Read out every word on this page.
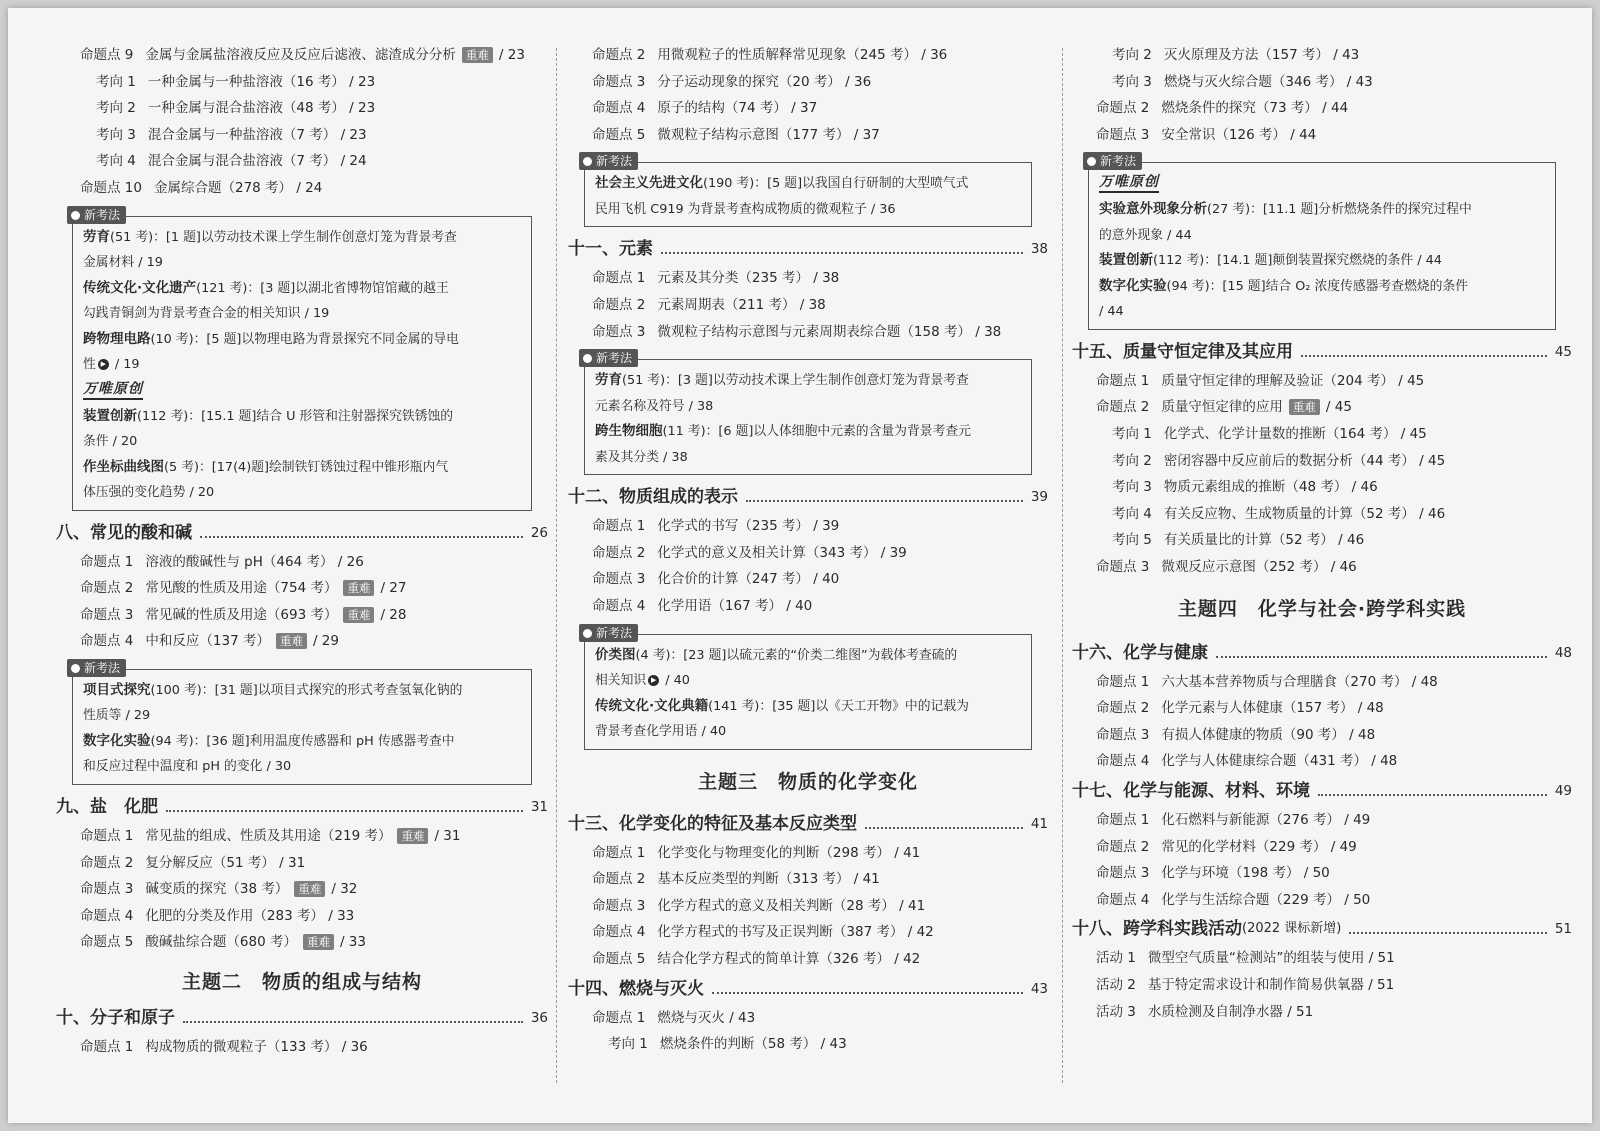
命题点 9 金属与金属盐溶液反应及反应后滤液、滤渣成分分析 重难 / 23
考向 1 一种金属与一种盐溶液（16 考） / 23
考向 2 一种金属与混合盐溶液（48 考） / 23
考向 3 混合金属与一种盐溶液（7 考） / 23
考向 4 混合金属与混合盐溶液（7 考） / 24
命题点 10 金属综合题（278 考） / 24
新考法
劳育(51 考)：[1 题]以劳动技术课上学生制作创意灯笼为背景考查
金属材料 / 19
传统文化·文化遗产(121 考)：[3 题]以湖北省博物馆馆藏的越王
勾践青铜剑为背景考查合金的相关知识 / 19
跨物理电路(10 考)：[5 题]以物理电路为背景探究不同金属的导电
性 ▶ / 19
万唯原创
装置创新(112 考)：[15.1 题]结合 U 形管和注射器探究铁锈蚀的
条件 / 20
作坐标曲线图(5 考)：[17(4)题]绘制铁钉锈蚀过程中锥形瓶内气
体压强的变化趋势 / 20
八、常见的酸和碱	26
命题点 1 溶液的酸碱性与 pH（464 考） / 26
命题点 2 常见酸的性质及用途（754 考） 重难 / 27
命题点 3 常见碱的性质及用途（693 考） 重难 / 28
命题点 4 中和反应（137 考） 重难 / 29
新考法
项目式探究(100 考)：[31 题]以项目式探究的形式考查氢氧化钠的
性质等 / 29
数字化实验(94 考)：[36 题]利用温度传感器和 pH 传感器考查中
和反应过程中温度和 pH 的变化 / 30
九、盐　化肥	31
命题点 1 常见盐的组成、性质及其用途（219 考） 重难 / 31
命题点 2 复分解反应（51 考） / 31
命题点 3 碱变质的探究（38 考） 重难 / 32
命题点 4 化肥的分类及作用（283 考） / 33
命题点 5 酸碱盐综合题（680 考） 重难 / 33
主题二　物质的组成与结构
十、分子和原子	36
命题点 1 构成物质的微观粒子（133 考） / 36
命题点 2 用微观粒子的性质解释常见现象（245 考） / 36
命题点 3 分子运动现象的探究（20 考） / 36
命题点 4 原子的结构（74 考） / 37
命题点 5 微观粒子结构示意图（177 考） / 37
新考法
社会主义先进文化(190 考)：[5 题]以我国自行研制的大型喷气式
民用飞机 C919 为背景考查构成物质的微观粒子 / 36
十一、元素	38
命题点 1 元素及其分类（235 考） / 38
命题点 2 元素周期表（211 考） / 38
命题点 3 微观粒子结构示意图与元素周期表综合题（158 考） / 38
新考法
劳育(51 考)：[3 题]以劳动技术课上学生制作创意灯笼为背景考查
元素名称及符号 / 38
跨生物细胞(11 考)：[6 题]以人体细胞中元素的含量为背景考查元
素及其分类 / 38
十二、物质组成的表示	39
命题点 1 化学式的书写（235 考） / 39
命题点 2 化学式的意义及相关计算（343 考） / 39
命题点 3 化合价的计算（247 考） / 40
命题点 4 化学用语（167 考） / 40
新考法
价类图(4 考)：[23 题]以硫元素的“价类二维图”为载体考查硫的
相关知识 ▶ / 40
传统文化·文化典籍(141 考)：[35 题]以《天工开物》中的记载为
背景考查化学用语 / 40
主题三　物质的化学变化
十三、化学变化的特征及基本反应类型	41
命题点 1 化学变化与物理变化的判断（298 考） / 41
命题点 2 基本反应类型的判断（313 考） / 41
命题点 3 化学方程式的意义及相关判断（28 考） / 41
命题点 4 化学方程式的书写及正误判断（387 考） / 42
命题点 5 结合化学方程式的简单计算（326 考） / 42
十四、燃烧与灭火	43
命题点 1 燃烧与灭火 / 43
考向 1 燃烧条件的判断（58 考） / 43
考向 2 灭火原理及方法（157 考） / 43
考向 3 燃烧与灭火综合题（346 考） / 43
命题点 2 燃烧条件的探究（73 考） / 44
命题点 3 安全常识（126 考） / 44
新考法
万唯原创
实验意外现象分析(27 考)：[11.1 题]分析燃烧条件的探究过程中
的意外现象 / 44
装置创新(112 考)：[14.1 题]颠倒装置探究燃烧的条件 / 44
数字化实验(94 考)：[15 题]结合 O₂ 浓度传感器考查燃烧的条件
/ 44
十五、质量守恒定律及其应用	45
命题点 1 质量守恒定律的理解及验证（204 考） / 45
命题点 2 质量守恒定律的应用 重难 / 45
考向 1 化学式、化学计量数的推断（164 考） / 45
考向 2 密闭容器中反应前后的数据分析（44 考） / 45
考向 3 物质元素组成的推断（48 考） / 46
考向 4 有关反应物、生成物质量的计算（52 考） / 46
考向 5 有关质量比的计算（52 考） / 46
命题点 3 微观反应示意图（252 考） / 46
主题四　化学与社会·跨学科实践
十六、化学与健康	48
命题点 1 六大基本营养物质与合理膳食（270 考） / 48
命题点 2 化学元素与人体健康（157 考） / 48
命题点 3 有损人体健康的物质（90 考） / 48
命题点 4 化学与人体健康综合题（431 考） / 48
十七、化学与能源、材料、环境	49
命题点 1 化石燃料与新能源（276 考） / 49
命题点 2 常见的化学材料（229 考） / 49
命题点 3 化学与环境（198 考） / 50
命题点 4 化学与生活综合题（229 考） / 50
十八、跨学科实践活动 (2022 课标新增)	51
活动 1 微型空气质量“检测站”的组装与使用 / 51
活动 2 基于特定需求设计和制作简易供氧器 / 51
活动 3 水质检测及自制净水器 / 51
